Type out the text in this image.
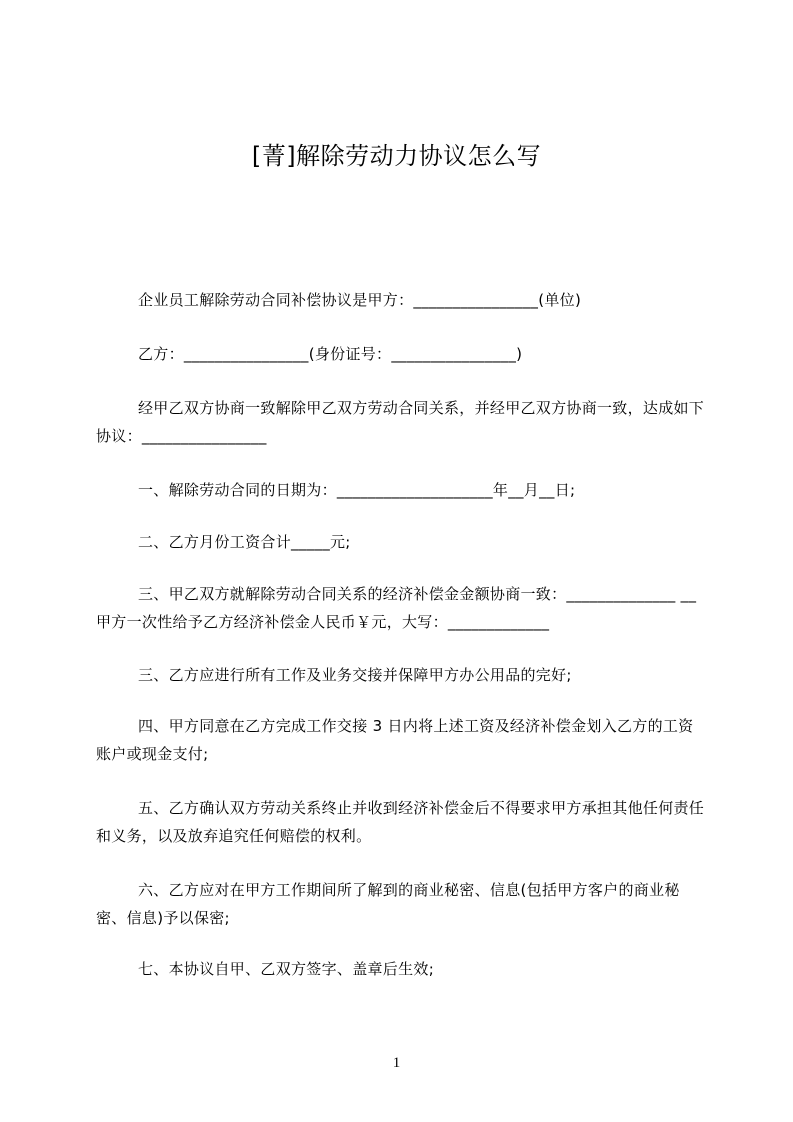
[菁]解除劳动力协议怎么写
企业员工解除劳动合同补偿协议是甲方：________________(单位)
乙方：________________(身份证号：________________)
经甲乙双方协商一致解除甲乙双方劳动合同关系，并经甲乙双方协商一致，达成如下协议：________________
一、解除劳动合同的日期为：____________________年__月__日;
二、乙方月份工资合计_____元;
三、甲乙双方就解除劳动合同关系的经济补偿金金额协商一致：______________ __甲方一次性给予乙方经济补偿金人民币￥元，大写：_____________
三、乙方应进行所有工作及业务交接并保障甲方办公用品的完好;
四、甲方同意在乙方完成工作交接 3 日内将上述工资及经济补偿金划入乙方的工资账户或现金支付;
五、乙方确认双方劳动关系终止并收到经济补偿金后不得要求甲方承担其他任何责任和义务，以及放弃追究任何赔偿的权利。
六、乙方应对在甲方工作期间所了解到的商业秘密、信息(包括甲方客户的商业秘密、信息)予以保密;
七、本协议自甲、乙双方签字、盖章后生效;
1
